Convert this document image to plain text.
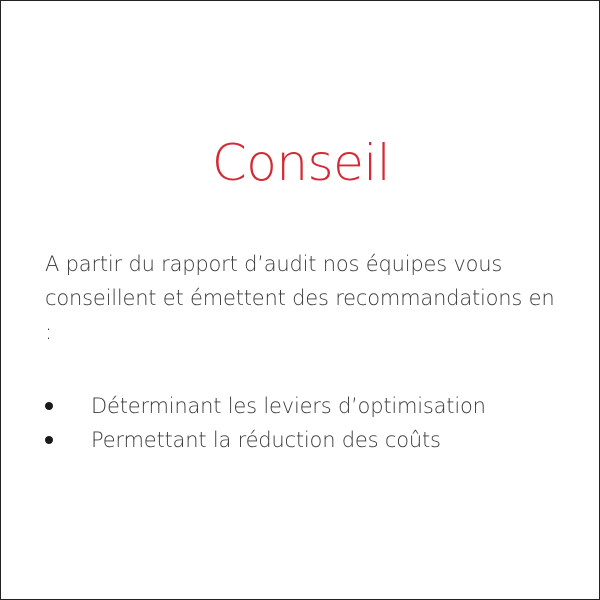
Conseil
A partir du rapport d’audit nos équipes vous conseillent et émettent des recommandations en :
Déterminant les leviers d’optimisation
Permettant la réduction des coûts
